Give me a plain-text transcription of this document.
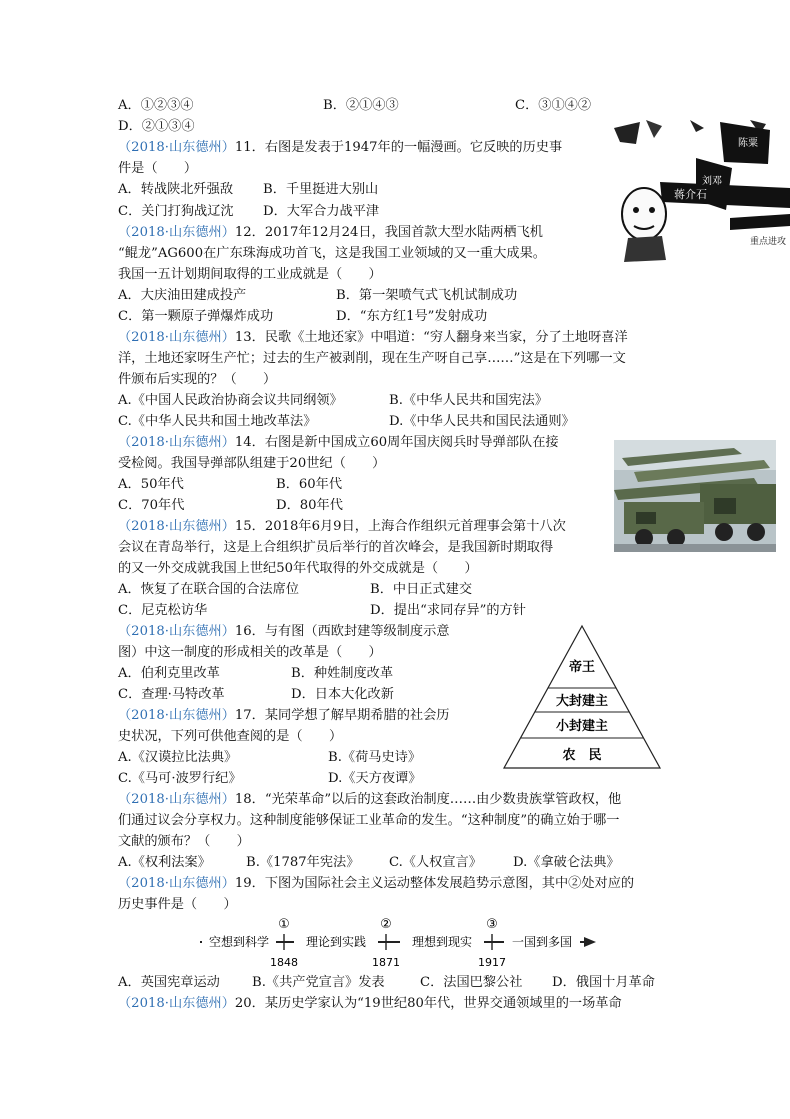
A．①②③④	B．②①④③	C．③①④②
D．②①③④
（2018·山东德州）11．右图是发表于1947年的一幅漫画。它反映的历史事
件是（　　）
A．转战陕北歼强敌 B．千里挺进大别山
C．关门打狗战辽沈 D．大军合力战平津
陈粟
刘邓
蒋介石
重点进攻
（2018·山东德州）12．2017年12月24日，我国首款大型水陆两栖飞机
“鲲龙”AG600在广东珠海成功首飞，这是我国工业领域的又一重大成果。
我国一五计划期间取得的工业成就是（　　）
A．大庆油田建成投产	B．第一架喷气式飞机试制成功
C．第一颗原子弹爆炸成功	D．“东方红1号”发射成功
（2018·山东德州）13．民歌《土地还家》中唱道：“穷人翻身来当家，分了土地呀喜洋
洋，土地还家呀生产忙；过去的生产被剥削，现在生产呀自己享……”这是在下列哪一文
件颁布后实现的？（　　）
A.《中国人民政治协商会议共同纲领》	B.《中华人民共和国宪法》
C.《中华人民共和国土地改革法》	D.《中华人民共和国民法通则》
（2018·山东德州）14．右图是新中国成立60周年国庆阅兵时导弹部队在接
受检阅。我国导弹部队组建于20世纪（　　）
A．50年代	B．60年代
C．70年代	D．80年代
（2018·山东德州）15．2018年6月9日，上海合作组织元首理事会第十八次
会议在青岛举行，这是上合组织扩员后举行的首次峰会，是我国新时期取得
的又一外交成就我国上世纪50年代取得的外交成就是（　　）
A．恢复了在联合国的合法席位	B．中日正式建交
C．尼克松访华	D．提出“求同存异”的方针
（2018·山东德州）16．与有图（西欧封建等级制度示意
图）中这一制度的形成相关的改革是（　　）
A．伯利克里改革	B．种姓制度改革
C．查理·马特改革	D．日本大化改新
帝王
大封建主
小封建主
农　民
（2018·山东德州）17．某同学想了解早期希腊的社会历
史状况，下列可供他查阅的是（　　）
A.《汉谟拉比法典》	B.《荷马史诗》
C.《马可·波罗行纪》	D.《天方夜谭》
（2018·山东德州）18．“光荣革命”以后的这套政治制度……由少数贵族掌管政权，他
们通过议会分享权力。这种制度能够保证工业革命的发生。“这种制度”的确立始于哪一
文献的颁布？（　　）
A.《权利法案》	B.《1787年宪法》 C.《人权宣言》 D.《拿破仑法典》
（2018·山东德州）19．下图为国际社会主义运动整体发展趋势示意图，其中②处对应的
历史事件是（　　）
空想到科学	理论到实践	理想到现实	一国到多国
①	②	③
1848	1871	1917
A．英国宪章运动 B.《共产党宣言》发表	C．法国巴黎公社 D．俄国十月革命
（2018·山东德州）20．某历史学家认为“19世纪80年代，世界交通领域里的一场革命
